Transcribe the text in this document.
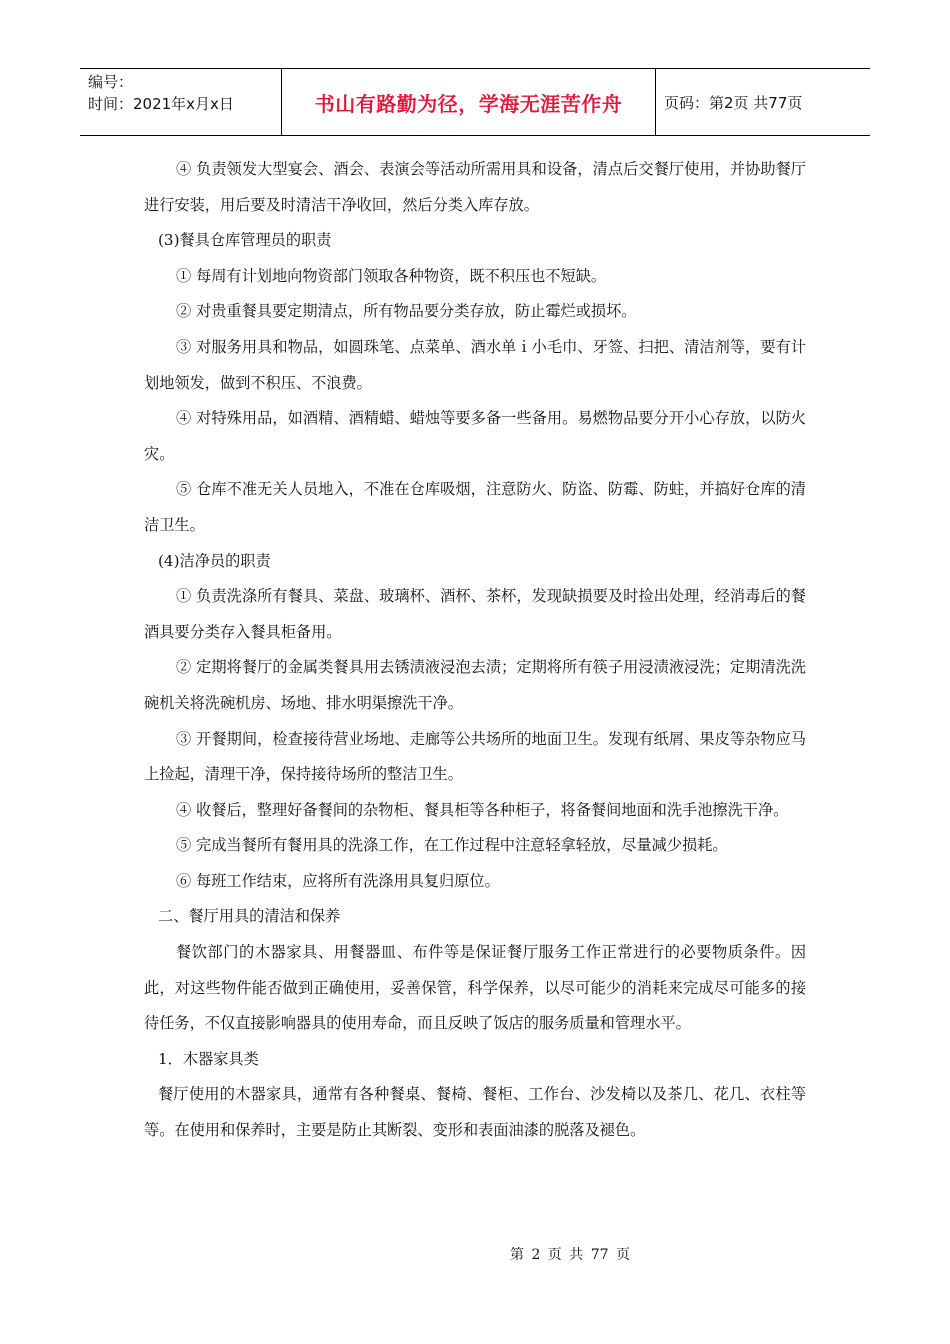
编号：
时间：2021年x月x日	书山有路勤为径，学海无涯苦作舟	页码：第2页 共77页

④ 负责领发大型宴会、酒会、表演会等活动所需用具和设备，清点后交餐厅使用，并协助餐厅进行安装，用后要及时清洁干净收回，然后分类入库存放。

(3)餐具仓库管理员的职责

① 每周有计划地向物资部门领取各种物资，既不积压也不短缺。

② 对贵重餐具要定期清点，所有物品要分类存放，防止霉烂或损坏。

③ 对服务用具和物品，如圆珠笔、点菜单、酒水单ｉ小毛巾、牙签、扫把、清洁剂等，要有计划地领发，做到不积压、不浪费。

④ 对特殊用品，如酒精、酒精蜡、蜡烛等要多备一些备用。易燃物品要分开小心存放，以防火灾。

⑤ 仓库不准无关人员地入，不准在仓库吸烟，注意防火、防盗、防霉、防蛀，并搞好仓库的清洁卫生。

(4)洁净员的职责

① 负责洗涤所有餐具、菜盘、玻璃杯、酒杯、茶杯，发现缺损要及时捡出处理，经消毒后的餐酒具要分类存入餐具柜备用。

② 定期将餐厅的金属类餐具用去锈渍液浸泡去渍；定期将所有筷子用浸渍液浸洗；定期清洗洗碗机关将洗碗机房、场地、排水明渠擦洗干净。

③ 开餐期间，检查接待营业场地、走廊等公共场所的地面卫生。发现有纸屑、果皮等杂物应马上捡起，清理干净，保持接待场所的整洁卫生。

④ 收餐后，整理好备餐间的杂物柜、餐具柜等各种柜子，将备餐间地面和洗手池擦洗干净。

⑤ 完成当餐所有餐用具的洗涤工作，在工作过程中注意轻拿轻放，尽量减少损耗。

⑥ 每班工作结束，应将所有洗涤用具复归原位。

二、餐厅用具的清洁和保养

餐饮部门的木器家具、用餐器皿、布件等是保证餐厅服务工作正常进行的必要物质条件。因此，对这些物件能否做到正确使用，妥善保管，科学保养，以尽可能少的消耗来完成尽可能多的接待任务，不仅直接影响器具的使用寿命，而且反映了饭店的服务质量和管理水平。

1．木器家具类

餐厅使用的木器家具，通常有各种餐桌、餐椅、餐柜、工作台、沙发椅以及茶几、花几、衣柱等等。在使用和保养时，主要是防止其断裂、变形和表面油漆的脱落及褪色。

第 2 页 共 77 页
